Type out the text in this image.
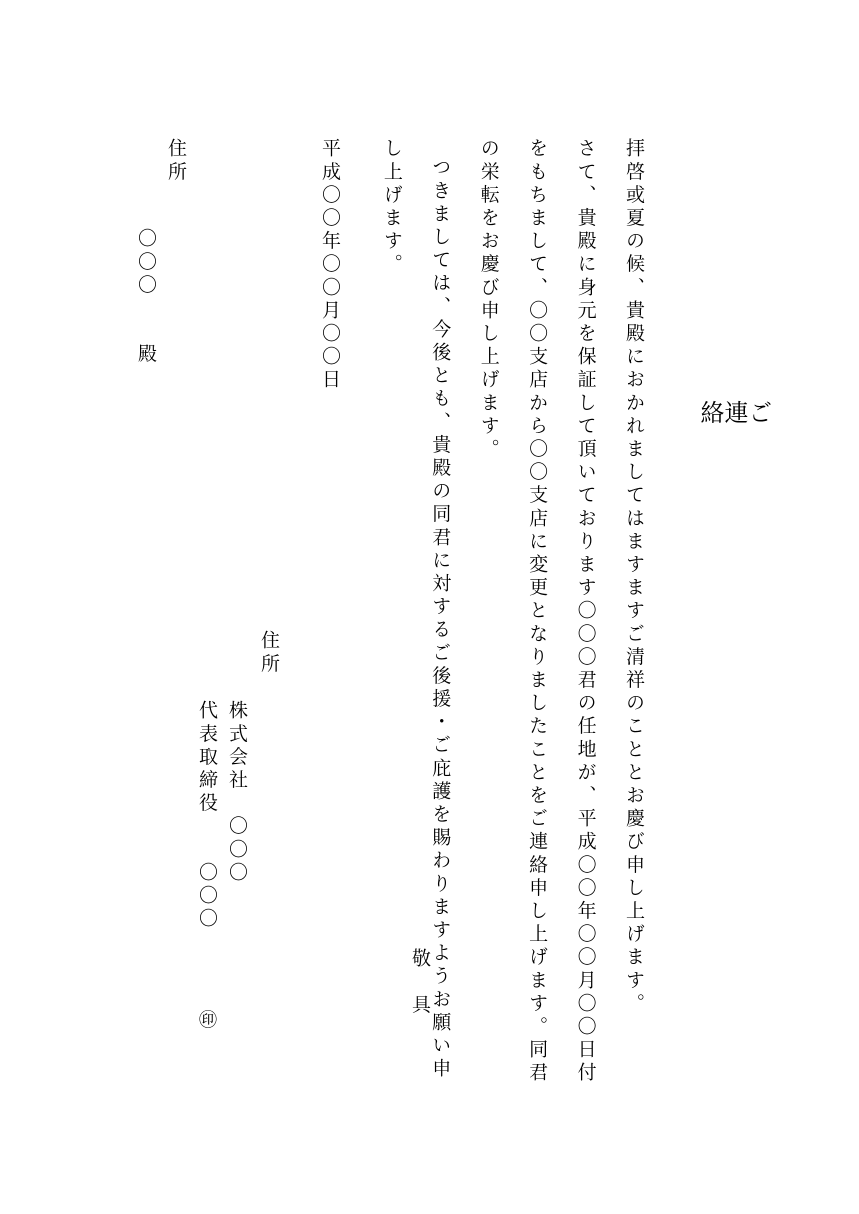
ご
連
絡

拝啓或夏の候、貴殿におかれましてはますますご清祥のこととお慶び申し上げます。

さて、貴殿に身元を保証して頂いております〇〇〇君の任地が、平成〇〇年〇〇月〇〇日付をもちまして、〇〇支店から〇〇支店に変更となりましたことをご連絡申し上げます。同君の栄転をお慶び申し上げます。

つきましては、今後とも、貴殿の同君に対するご後援・ご庇護を賜わりますようお願い申し上げます。

敬　具
平成〇〇年〇〇月〇〇日
住所
株式会社　〇〇〇
代表取締役　　〇〇〇
㊞
住所
〇〇〇　　殿
